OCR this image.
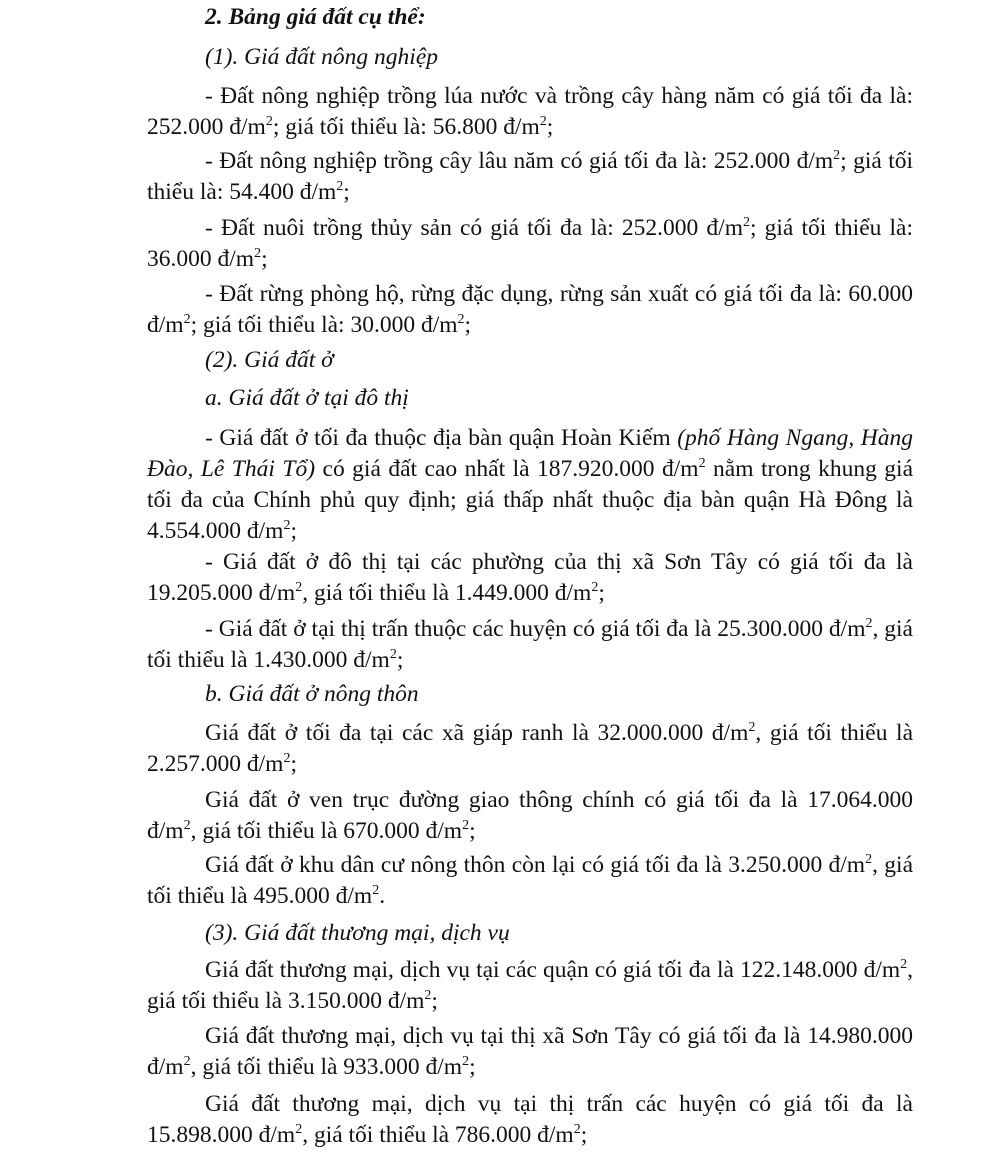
2. Bảng giá đất cụ thể:

(1). Giá đất nông nghiệp

- Đất nông nghiệp trồng lúa nước và trồng cây hàng năm có giá tối đa là: 252.000 $đ/m^2$; giá tối thiểu là: 56.800 $đ/m^2$;

- Đất nông nghiệp trồng cây lâu năm có giá tối đa là: 252.000 $đ/m^2$; giá tối thiểu là: 54.400 $đ/m^2$;

- Đất nuôi trồng thủy sản có giá tối đa là: 252.000 $đ/m^2$; giá tối thiểu là: 36.000 $đ/m^2$;

- Đất rừng phòng hộ, rừng đặc dụng, rừng sản xuất có giá tối đa là: 60.000 $đ/m^2$; giá tối thiểu là: 30.000 $đ/m^2$;

(2). Giá đất ở

a. Giá đất ở tại đô thị

- Giá đất ở tối đa thuộc địa bàn quận Hoàn Kiếm (phố Hàng Ngang, Hàng Đào, Lê Thái Tổ) có giá đất cao nhất là 187.920.000 $đ/m^2$ nằm trong khung giá tối đa của Chính phủ quy định; giá thấp nhất thuộc địa bàn quận Hà Đông là 4.554.000 $đ/m^2$;

- Giá đất ở đô thị tại các phường của thị xã Sơn Tây có giá tối đa là 19.205.000 $đ/m^2$, giá tối thiểu là 1.449.000 $đ/m^2$;

- Giá đất ở tại thị trấn thuộc các huyện có giá tối đa là 25.300.000 $đ/m^2$, giá tối thiểu là 1.430.000 $đ/m^2$;

b. Giá đất ở nông thôn

Giá đất ở tối đa tại các xã giáp ranh là 32.000.000 $đ/m^2$, giá tối thiểu là 2.257.000 $đ/m^2$;

Giá đất ở ven trục đường giao thông chính có giá tối đa là 17.064.000 $đ/m^2$, giá tối thiểu là 670.000 $đ/m^2$;

Giá đất ở khu dân cư nông thôn còn lại có giá tối đa là 3.250.000 $đ/m^2$, giá tối thiểu là 495.000 $đ/m^2$.

(3). Giá đất thương mại, dịch vụ

Giá đất thương mại, dịch vụ tại các quận có giá tối đa là 122.148.000 $đ/m^2$, giá tối thiểu là 3.150.000 $đ/m^2$;

Giá đất thương mại, dịch vụ tại thị xã Sơn Tây có giá tối đa là 14.980.000 $đ/m^2$, giá tối thiểu là 933.000 $đ/m^2$;

Giá đất thương mại, dịch vụ tại thị trấn các huyện có giá tối đa là 15.898.000 $đ/m^2$, giá tối thiểu là 786.000 $đ/m^2$;
